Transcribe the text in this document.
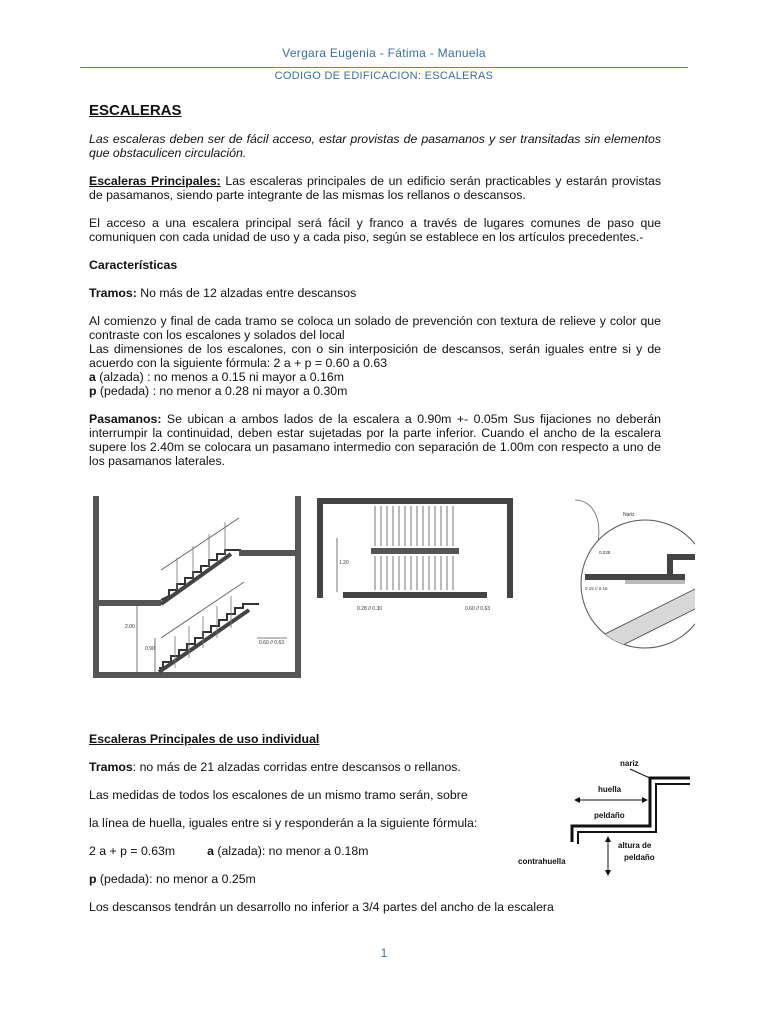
Vergara Eugenia - Fátima - Manuela
CODIGO DE EDIFICACION: ESCALERAS
ESCALERAS

Las escaleras deben ser de fácil acceso, estar provistas de pasamanos y ser transitadas sin elementos que obstaculicen circulación.

Escaleras Principales: Las escaleras principales de un edificio serán practicables y estarán provistas de pasamanos, siendo parte integrante de las mismas los rellanos o descansos.

El acceso a una escalera principal será fácil y franco a través de lugares comunes de paso que comuniquen con cada unidad de uso y a cada piso, según se establece en los artículos precedentes.-

Características

Tramos: No más de 12 alzadas entre descansos

Al comienzo y final de cada tramo se coloca un solado de prevención con textura de relieve y color que contraste con los escalones y solados del local

Las dimensiones de los escalones, con o sin interposición de descansos, serán iguales entre si y de acuerdo con la siguiente fórmula: 2 a + p = 0.60 a 0.63

a (alzada) : no menos a 0.15 ni mayor a 0.16m

p (pedada) : no menor a 0.28 ni mayor a 0.30m

Pasamanos: Se ubican a ambos lados de la escalera a 0.90m +- 0.05m Sus fijaciones no deberán interrumpir la continuidad, deben estar sujetadas por la parte inferior. Cuando el ancho de la escalera supere los 2.40m se colocara un pasamano intermedio con separación de 1.00m con respecto a uno de los pasamanos laterales.

2.00
0.90
0.60 // 0.63
1.20
0.28 // 0.30	0.60 // 0.63
Nariz
0.035
0.15 // 0.16
Escaleras Principales de uso individual
Tramos: no más de 21 alzadas corridas entre descansos o rellanos.
Las medidas de todos los escalones de un mismo tramo serán, sobre
la línea de huella, iguales entre si y responderán a la siguiente fórmula:
2 a + p = 0.63m	a (alzada): no menor a 0.18m
p (pedada): no menor a 0.25m
Los descansos tendrán un desarrollo no inferior a 3/4 partes del ancho de la escalera
nariz
huella
peldaño
altura de
peldaño
contrahuella
1
